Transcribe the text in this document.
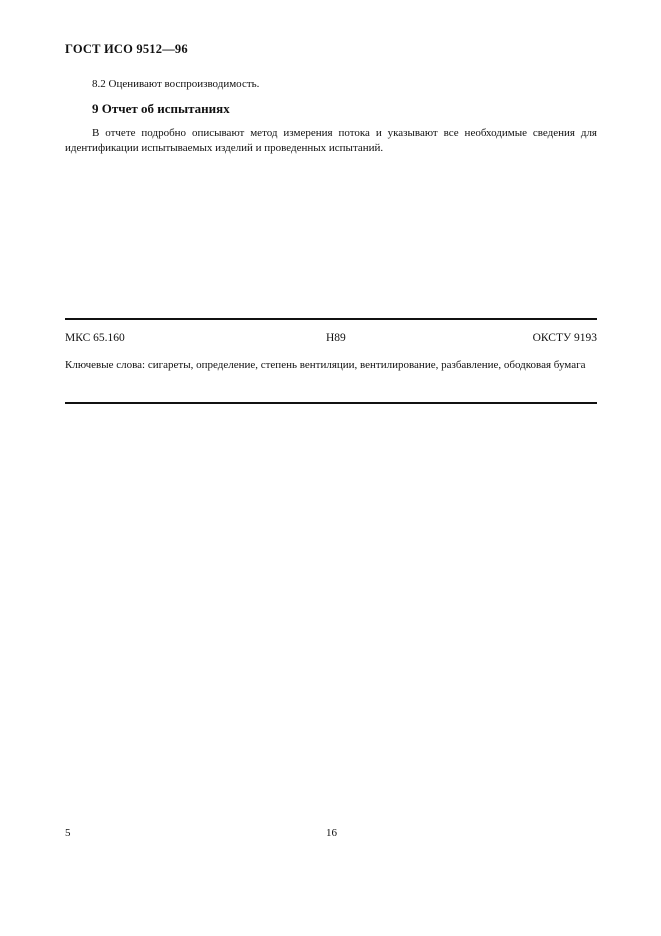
ГОСТ ИСО 9512—96
8.2 Оценивают воспроизводимость.
9 Отчет об испытаниях
В отчете подробно описывают метод измерения потока и указывают все необходимые сведения для идентификации испытываемых изделий и проведенных испытаний.
МКС 65.160	Н89	ОКСТУ 9193
Ключевые слова: сигареты, определение, степень вентиляции, вентилирование, разбавление, ободковая бумага
5	16
